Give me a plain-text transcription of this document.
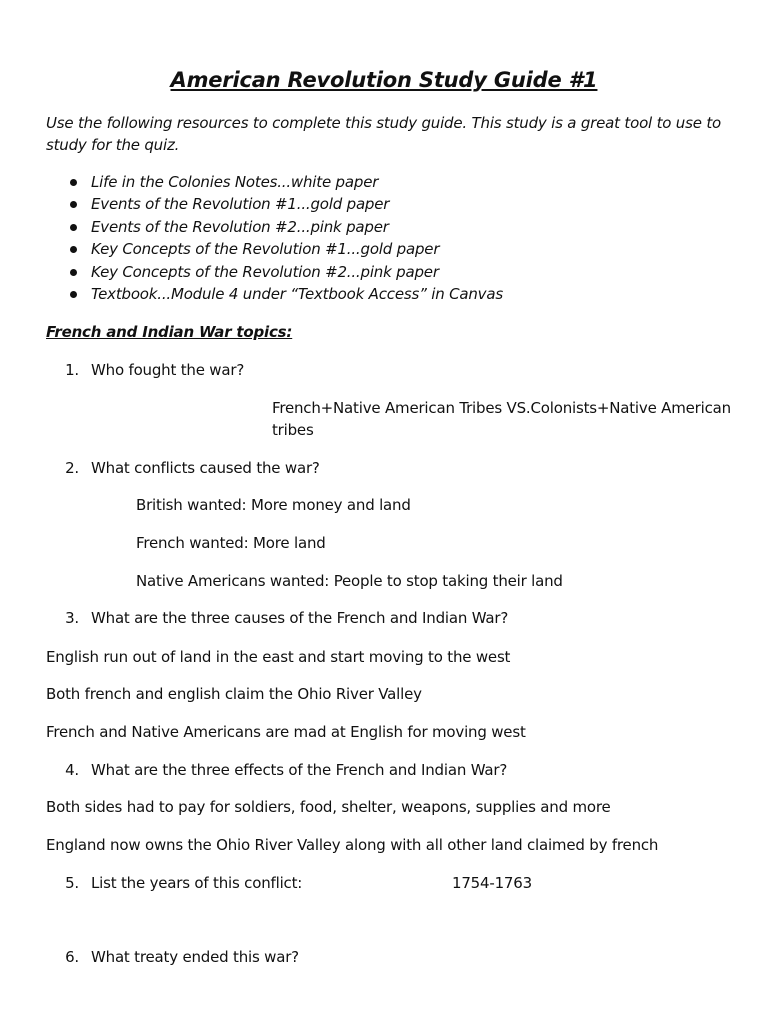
American Revolution Study Guide #1
Use the following resources to complete this study guide. This study is a great tool to use to study for the quiz.
Life in the Colonies Notes...white paper
Events of the Revolution #1...gold paper
Events of the Revolution #2...pink paper
Key Concepts of the Revolution #1...gold paper
Key Concepts of the Revolution #2...pink paper
Textbook...Module 4 under “Textbook Access” in Canvas
French and Indian War topics:
1. Who fought the war?
French+Native American Tribes VS.Colonists+Native American
tribes
2. What conflicts caused the war?
British wanted: More money and land
French wanted: More land
Native Americans wanted: People to stop taking their land
3. What are the three causes of the French and Indian War?
English run out of land in the east and start moving to the west
Both french and english claim the Ohio River Valley
French and Native Americans are mad at English for moving west
4. What are the three effects of the French and Indian War?
Both sides had to pay for soldiers, food, shelter, weapons, supplies and more
England now owns the Ohio River Valley along with all other land claimed by french
5. List the years of this conflict:	1754-1763
6. What treaty ended this war?
